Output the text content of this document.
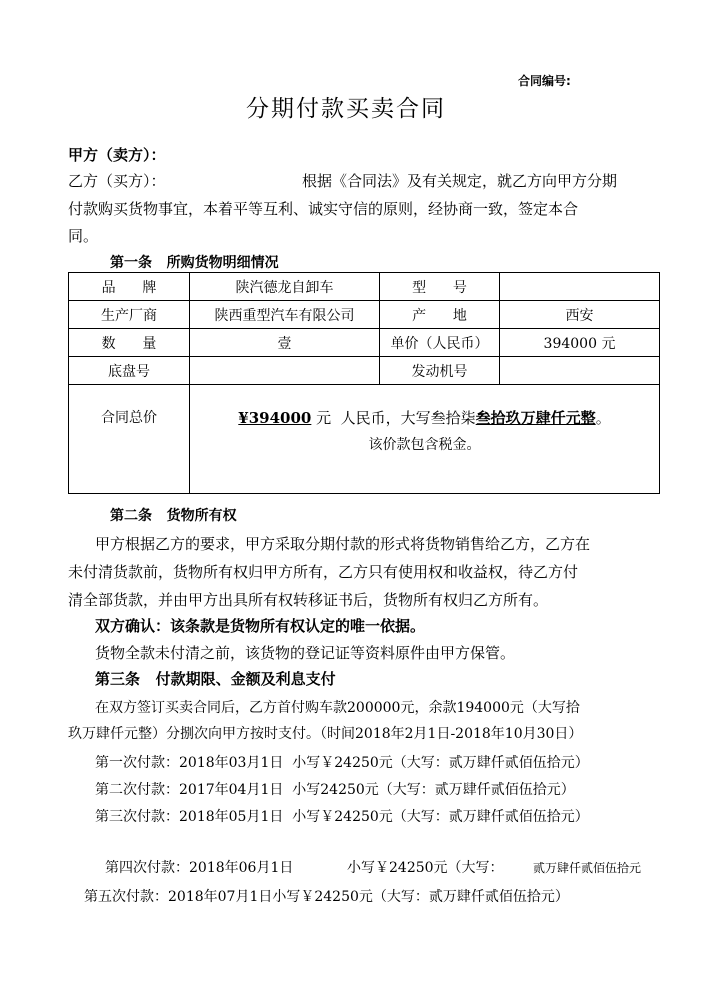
合同编号:
分期付款买卖合同
甲方（卖方）：
乙方（买方）：	根据《合同法》及有关规定，就乙方向甲方分期
付款购买货物事宜，本着平等互利、诚实守信的原则，经协商一致，签定本合
同。
第一条   所购货物明细情况
品      牌	陕汽德龙自卸车	型      号	
生产厂商	陕西重型汽车有限公司	产      地	西安
数      量	壹	单价（人民币）	394000 元
底盘号		发动机号	
合同总价	¥394000 元  人民币，大写叁拾柒叁拾玖万肆仟元整。
该价款包含税金。		
第二条   货物所有权
甲方根据乙方的要求，甲方采取分期付款的形式将货物销售给乙方，乙方在
未付清货款前，货物所有权归甲方所有，乙方只有使用权和收益权，待乙方付
清全部货款，并由甲方出具所有权转移证书后，货物所有权归乙方所有。
双方确认：该条款是货物所有权认定的唯一依据。
货物全款未付清之前，该货物的登记证等资料原件由甲方保管。
第三条   付款期限、金额及利息支付
在双方签订买卖合同后，乙方首付购车款200000元，余款194000元（大写拾
玖万肆仟元整）分捌次向甲方按时支付。（时间2018年2月1日-2018年10月30日）
第一次付款：2018年03月1日  小写￥24250元（大写：贰万肆仟贰佰伍拾元）
第二次付款：2017年04月1日  小写24250元（大写：贰万肆仟贰佰伍拾元）
第三次付款：2018年05月1日  小写￥24250元（大写：贰万肆仟贰佰伍拾元）
第四次付款：2018年06月1日	小写￥24250元（大写： 贰万肆仟贰佰伍拾元
第五次付款：2018年07月1日小写￥24250元（大写：贰万肆仟贰佰伍拾元）
